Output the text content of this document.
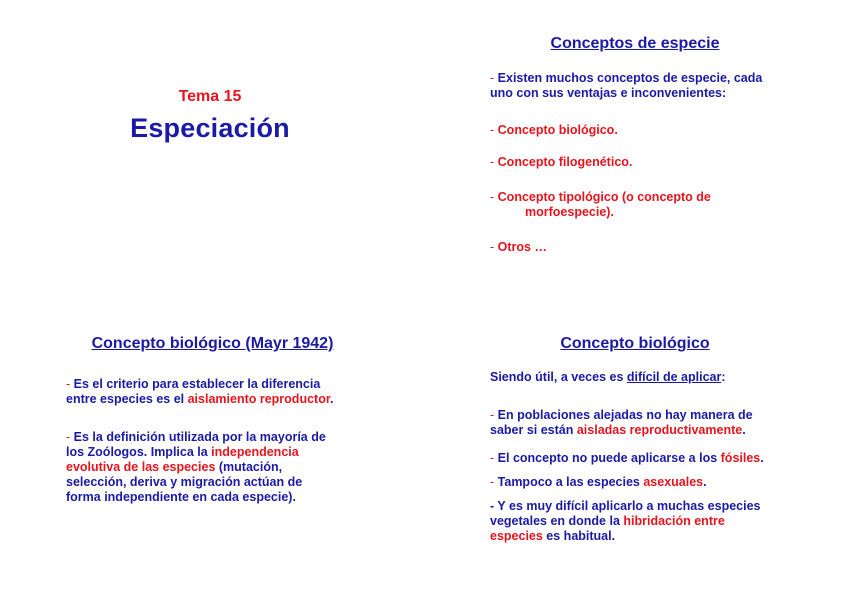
Tema 15
Especiación
Conceptos de especie
- Existen muchos conceptos de especie, cada
uno con sus ventajas e inconvenientes:
- Concepto biológico.
- Concepto filogenético.
- Concepto tipológico (o concepto de
morfoespecie).
- Otros …
Concepto biológico (Mayr 1942)
- Es el criterio para establecer la diferencia
entre especies es el aislamiento reproductor.
- Es la definición utilizada por la mayoría de
los Zoólogos. Implica la independencia
evolutiva de las especies (mutación,
selección, deriva y migración actúan de
forma independiente en cada especie).
Concepto biológico
Siendo útil, a veces es difícil de aplicar:
- En poblaciones alejadas no hay manera de
saber si están aisladas reproductivamente.
- El concepto no puede aplicarse a los fósiles.
- Tampoco a las especies asexuales.
- Y es muy difícil aplicarlo a muchas especies
vegetales en donde la hibridación entre
especies es habitual.
